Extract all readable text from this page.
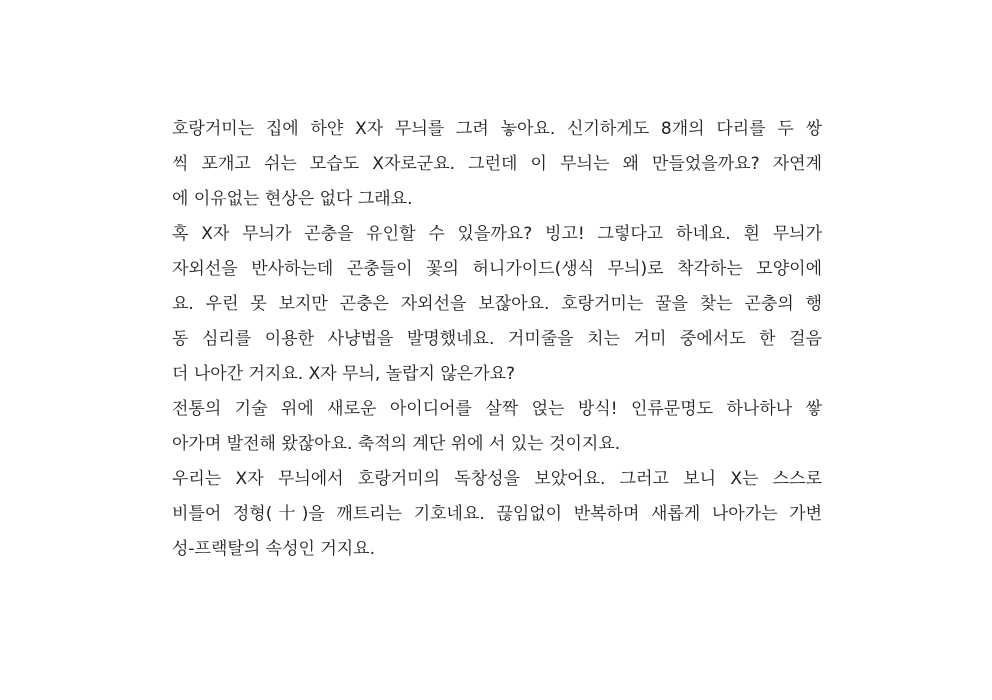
호랑거미는 집에 하얀 X자 무늬를 그려 놓아요. 신기하게도 8개의 다리를 두 쌍
씩 포개고 쉬는 모습도 X자로군요. 그런데 이 무늬는 왜 만들었을까요? 자연계
에 이유없는 현상은 없다 그래요.

혹 X자 무늬가 곤충을 유인할 수 있을까요? 빙고! 그렇다고 하네요. 흰 무늬가
자외선을 반사하는데 곤충들이 꽃의 허니가이드(생식 무늬)로 착각하는 모양이에
요. 우린 못 보지만 곤충은 자외선을 보잖아요. 호랑거미는 꿀을 찾는 곤충의 행
동 심리를 이용한 사냥법을 발명했네요. 거미줄을 치는 거미 중에서도 한 걸음
더 나아간 거지요. X자 무늬, 놀랍지 않은가요?

전통의 기술 위에 새로운 아이디어를 살짝 얹는 방식! 인류문명도 하나하나 쌓
아가며 발전해 왔잖아요. 축적의 계단 위에 서 있는 것이지요.

우리는 X자 무늬에서 호랑거미의 독창성을 보았어요. 그러고 보니 X는 스스로
비틀어 정형(十)을 깨트리는 기호네요. 끊임없이 반복하며 새롭게 나아가는 가변
성-프랙탈의 속성인 거지요.
